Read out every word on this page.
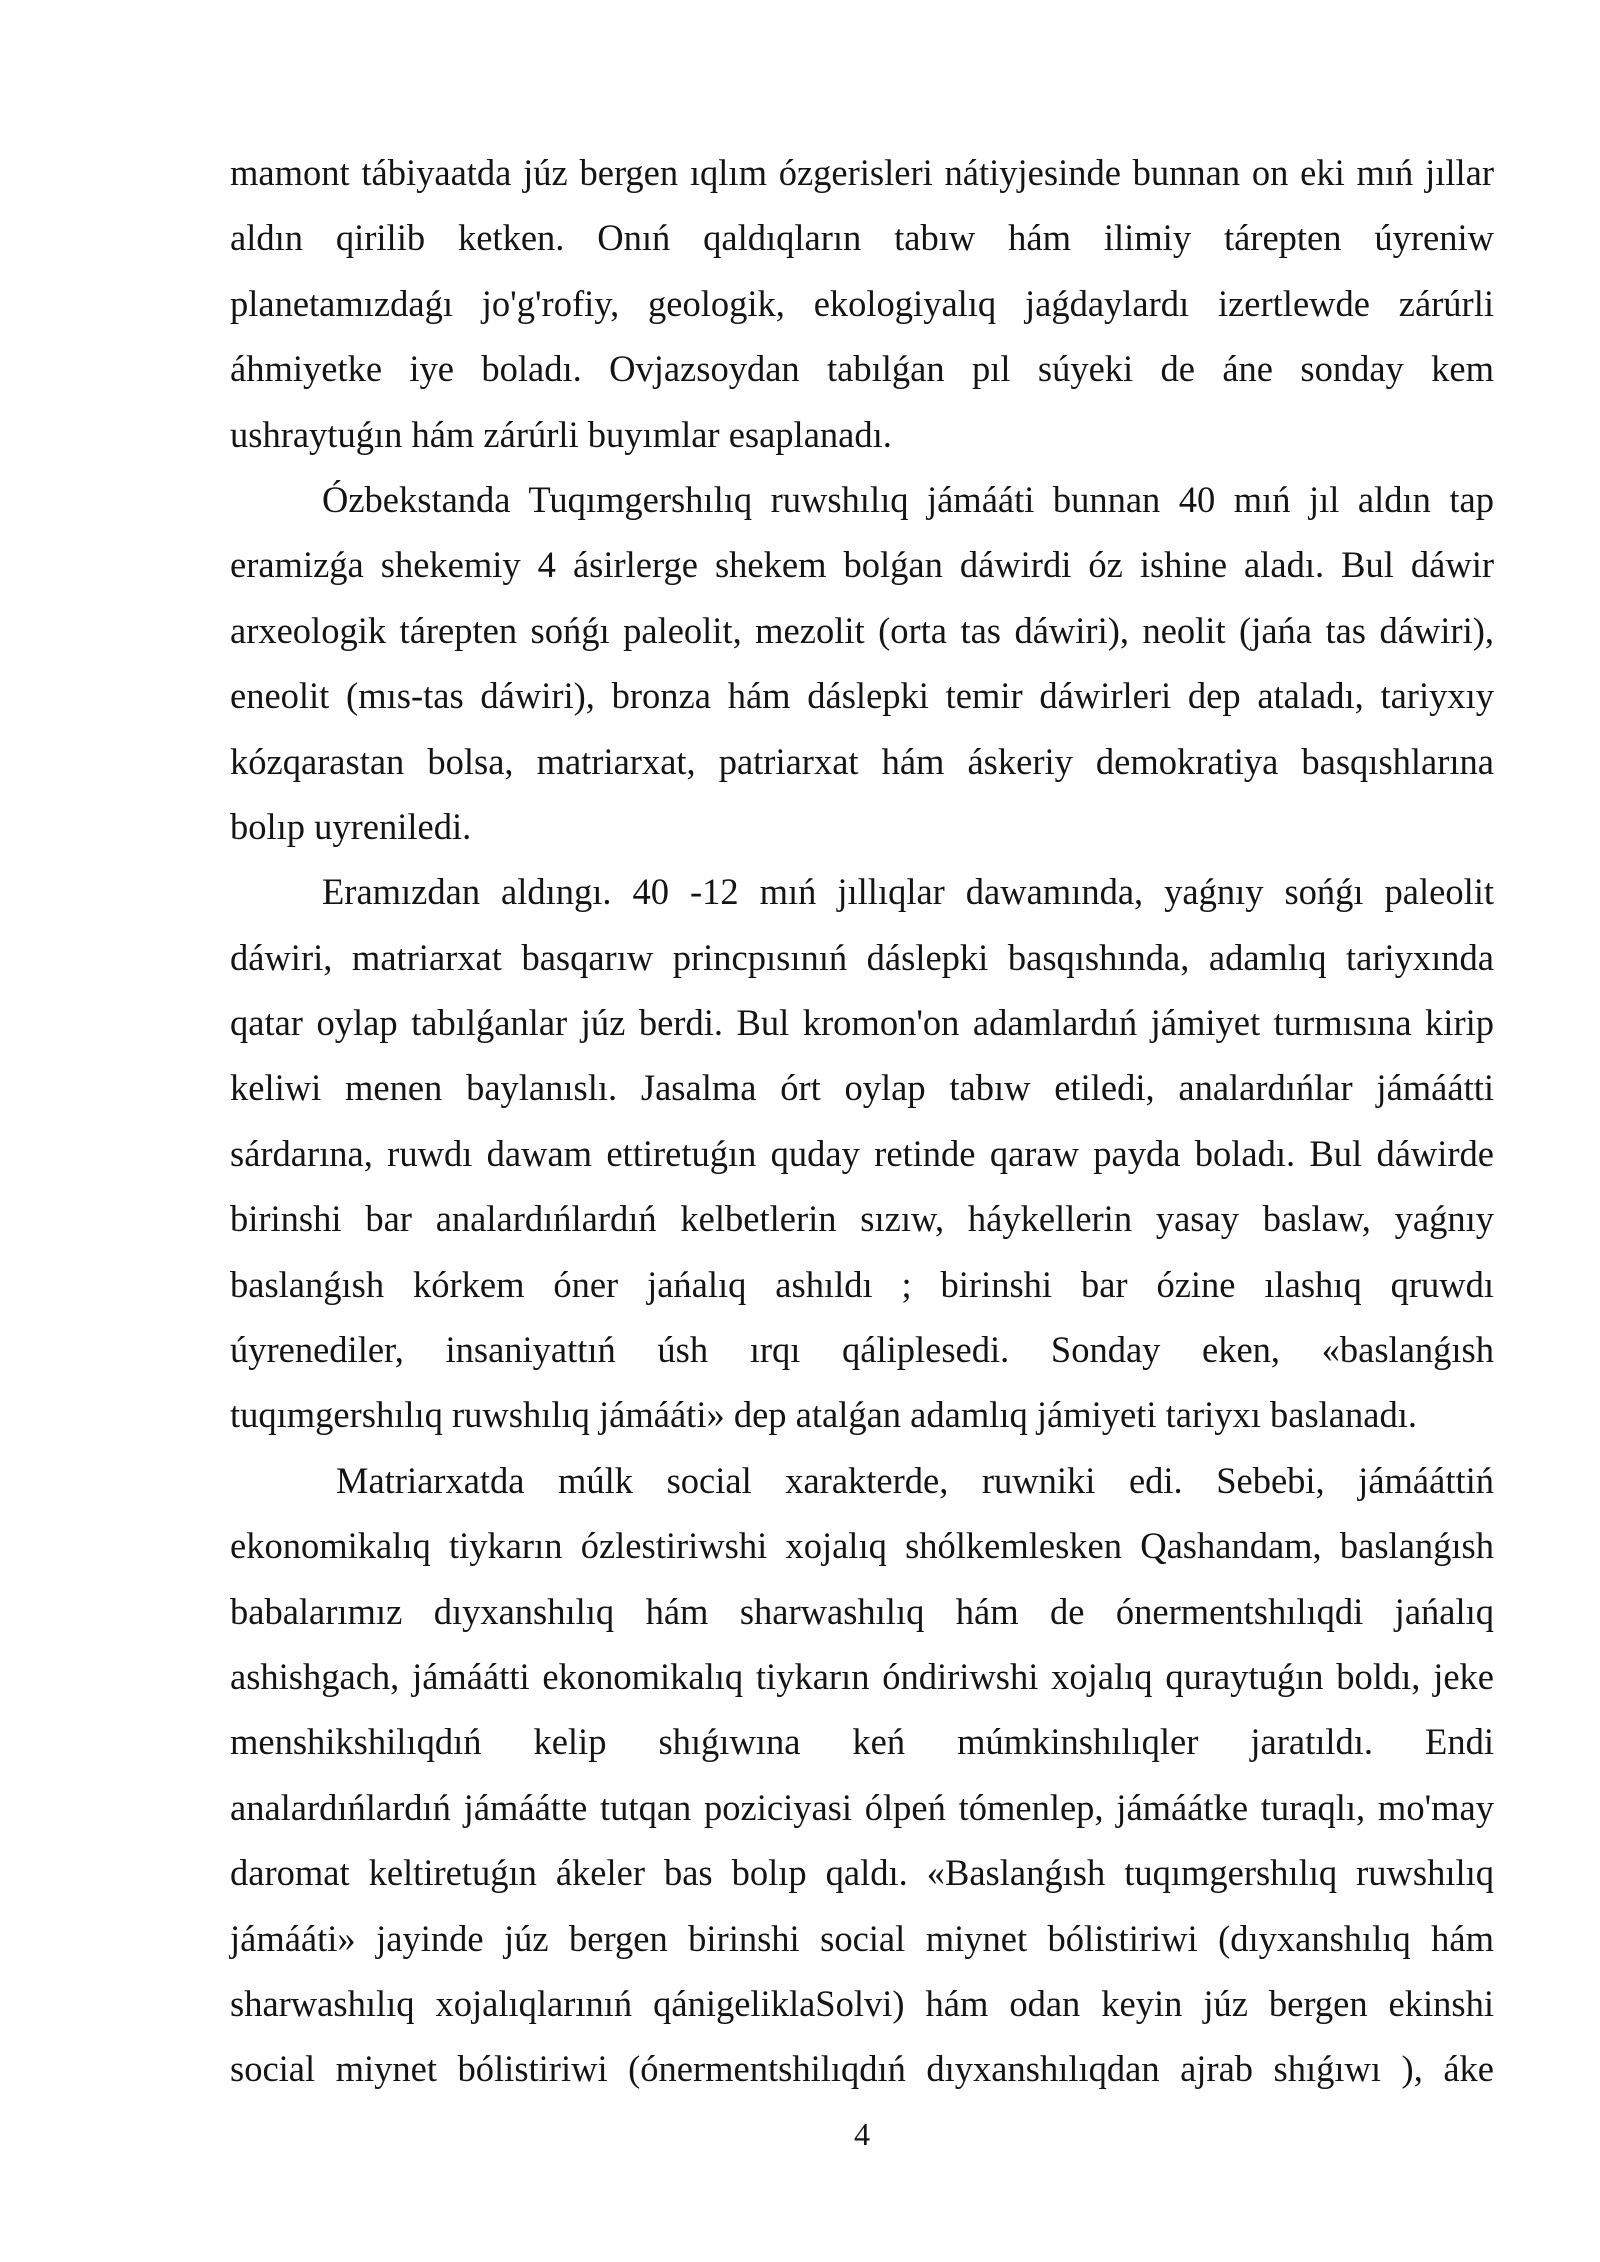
mamont tábiyaatda júz bergen ıqlım ózgerisleri nátiyjesinde bunnan on eki mıń jıllar
aldın qirilib ketken. Onıń qaldıqların tabıw hám ilimiy tárepten úyreniw
planetamızdaǵı jo'g'rofiy, geologik, ekologiyalıq jaǵdaylardı izertlewde zárúrli
áhmiyetke iye boladı. Ovjazsoydan tabılǵan pıl súyeki de áne sonday kem
ushraytuǵın hám zárúrli buyımlar esaplanadı.
Ózbekstanda Tuqımgershılıq ruwshılıq jámááti bunnan 40 mıń jıl aldın tap
eramizǵa shekemiy 4 ásirlerge shekem bolǵan dáwirdi óz ishine aladı. Bul dáwir
arxeologik tárepten sońǵı paleolit, mezolit (orta tas dáwiri), neolit (jańa tas dáwiri),
eneolit (mıs-tas dáwiri), bronza hám dáslepki temir dáwirleri dep ataladı, tariyxıy
kózqarastan bolsa, matriarxat, patriarxat hám áskeriy demokratiya basqıshlarına
bolıp uyreniledi.
Eramızdan aldıngı. 40 -12 mıń jıllıqlar dawamında, yaǵnıy sońǵı paleolit
dáwiri, matriarxat basqarıw princpısınıń dáslepki basqıshında, adamlıq tariyxında
qatar oylap tabılǵanlar júz berdi. Bul kromon'on adamlardıń jámiyet turmısına kirip
keliwi menen baylanıslı. Jasalma órt oylap tabıw etiledi, analardıńlar jámáátti
sárdarına, ruwdı dawam ettiretuǵın quday retinde qaraw payda boladı. Bul dáwirde
birinshi bar analardıńlardıń kelbetlerin sızıw, háykellerin yasay baslaw, yaǵnıy
baslanǵısh kórkem óner jańalıq ashıldı ; birinshi bar ózine ılashıq qruwdı
úyrenediler, insaniyattıń úsh ırqı qáliplesedi. Sonday eken, «baslanǵısh
tuqımgershılıq ruwshılıq jámááti» dep atalǵan adamlıq jámiyeti tariyxı baslanadı.
Matriarxatda múlk social xarakterde, ruwniki edi. Sebebi, jámááttiń
ekonomikalıq tiykarın ózlestiriwshi xojalıq shólkemlesken Qashandam, baslanǵısh
babalarımız dıyxanshılıq hám sharwashılıq hám de ónermentshılıqdi jańalıq
ashishgach, jámáátti ekonomikalıq tiykarın óndiriwshi xojalıq quraytuǵın boldı, jeke
menshikshilıqdıń kelip shıǵıwına keń múmkinshılıqler jaratıldı. Endi
analardıńlardıń jámáátte tutqan poziciyasi ólpeń tómenlep, jámáátke turaqlı, mo'may
daromat keltiretuǵın ákeler bas bolıp qaldı. «Baslanǵısh tuqımgershılıq ruwshılıq
jámááti» jayinde júz bergen birinshi social miynet bólistiriwi (dıyxanshılıq hám
sharwashılıq xojalıqlarınıń qánigeliklaSolvi) hám odan keyin júz bergen ekinshi
social miynet bólistiriwi (ónermentshilıqdıń dıyxanshılıqdan ajrab shıǵıwı ), áke
4
